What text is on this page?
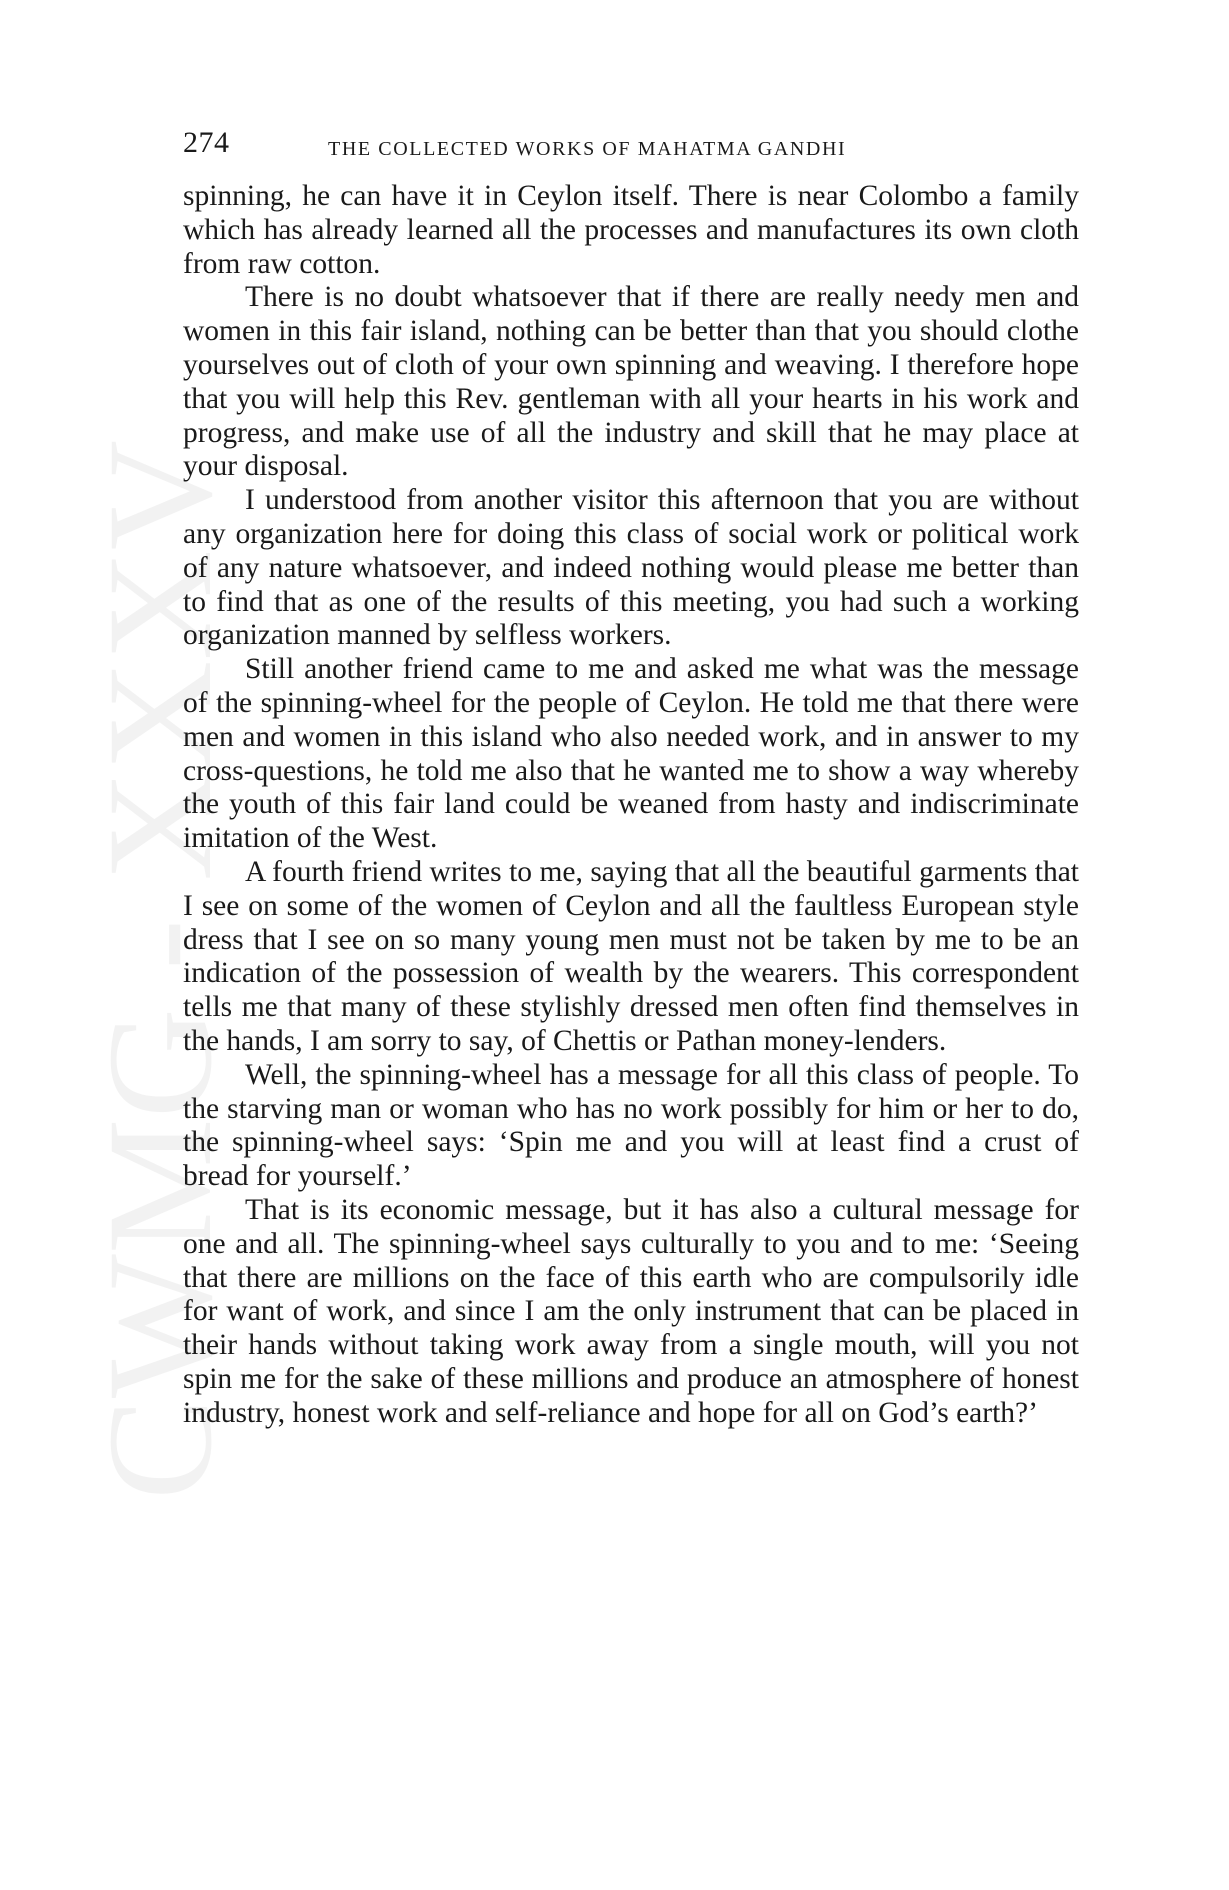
CWMG - XXXV
274	THE COLLECTED WORKS OF MAHATMA GANDHI

spinning, he can have it in Ceylon itself. There is near Colombo a family which has already learned all the processes and manufactures its own cloth from raw cotton.

There is no doubt whatsoever that if there are really needy men and women in this fair island, nothing can be better than that you should clothe yourselves out of cloth of your own spinning and weaving. I therefore hope that you will help this Rev. gentleman with all your hearts in his work and progress, and make use of all the industry and skill that he may place at your disposal.

I understood from another visitor this afternoon that you are without any organization here for doing this class of social work or political work of any nature whatsoever, and indeed nothing would please me better than to find that as one of the results of this meeting, you had such a working organization manned by selfless workers.

Still another friend came to me and asked me what was the message of the spinning-wheel for the people of Ceylon. He told me that there were men and women in this island who also needed work, and in answer to my cross-questions, he told me also that he wanted me to show a way whereby the youth of this fair land could be weaned from hasty and indiscriminate imitation of the West.

A fourth friend writes to me, saying that all the beautiful garments that I see on some of the women of Ceylon and all the faultless European style dress that I see on so many young men must not be taken by me to be an indication of the possession of wealth by the wearers. This correspondent tells me that many of these stylishly dressed men often find themselves in the hands, I am sorry to say, of Chettis or Pathan money-lenders.

Well, the spinning-wheel has a message for all this class of people. To the starving man or woman who has no work possibly for him or her to do, the spinning-wheel says: ‘Spin me and you will at least find a crust of bread for yourself.’

That is its economic message, but it has also a cultural message for one and all. The spinning-wheel says culturally to you and to me: ‘Seeing that there are millions on the face of this earth who are compulsorily idle for want of work, and since I am the only instrument that can be placed in their hands without taking work away from a single mouth, will you not spin me for the sake of these millions and produce an atmosphere of honest industry, honest work and self-reliance and hope for all on God’s earth?’
